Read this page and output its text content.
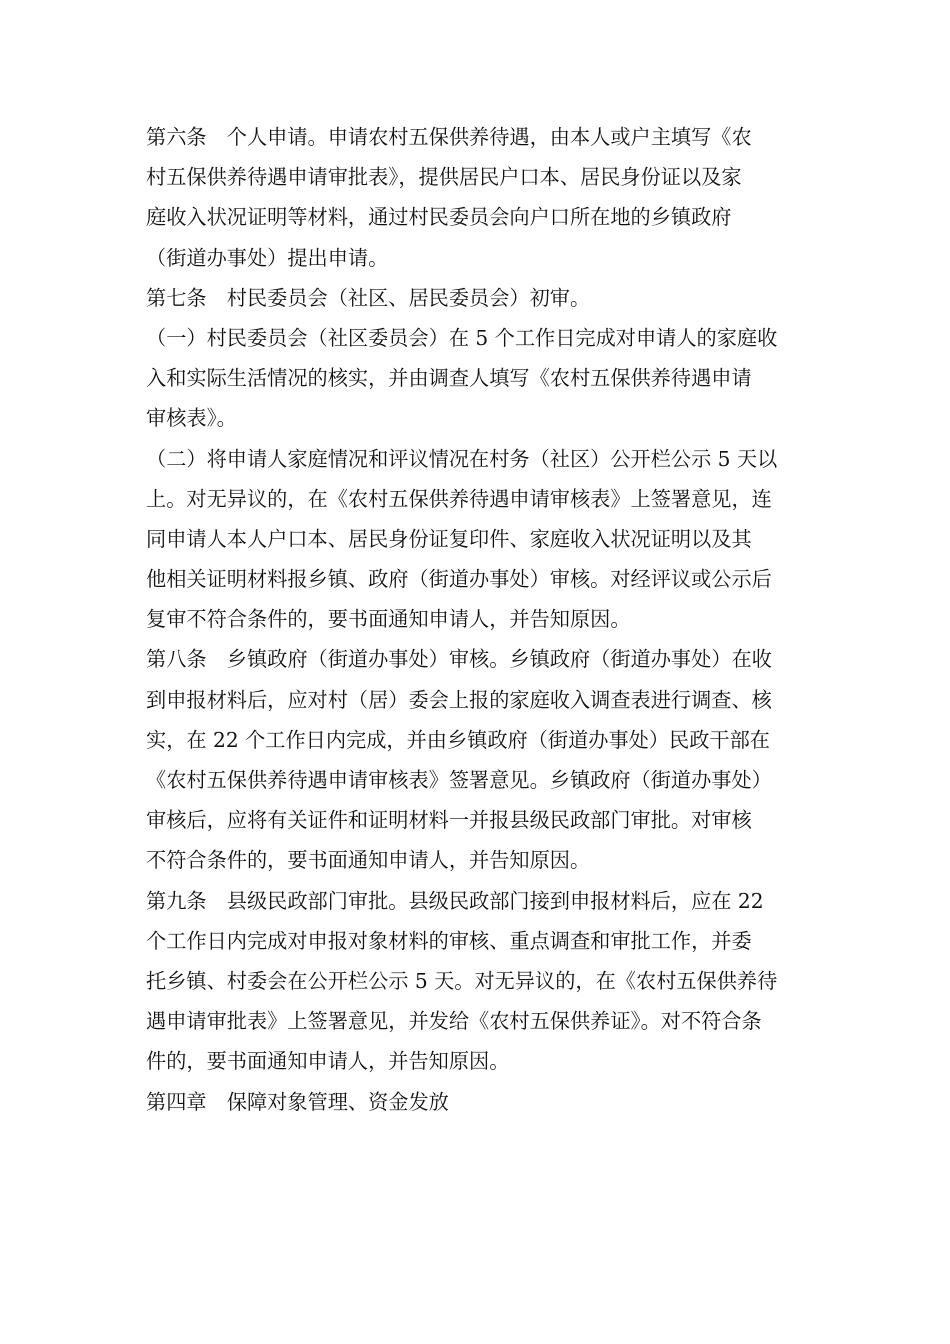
第六条　个人申请。申请农村五保供养待遇，由本人或户主填写《农
村五保供养待遇申请审批表》，提供居民户口本、居民身份证以及家
庭收入状况证明等材料，通过村民委员会向户口所在地的乡镇政府
（街道办事处）提出申请。
第七条　村民委员会（社区、居民委员会）初审。
（一）村民委员会（社区委员会）在 5 个工作日完成对申请人的家庭收
入和实际生活情况的核实，并由调查人填写《农村五保供养待遇申请
审核表》。
（二）将申请人家庭情况和评议情况在村务（社区）公开栏公示 5 天以
上。对无异议的，在《农村五保供养待遇申请审核表》上签署意见，连
同申请人本人户口本、居民身份证复印件、家庭收入状况证明以及其
他相关证明材料报乡镇、政府（街道办事处）审核。对经评议或公示后
复审不符合条件的，要书面通知申请人，并告知原因。
第八条　乡镇政府（街道办事处）审核。乡镇政府（街道办事处）在收
到申报材料后，应对村（居）委会上报的家庭收入调查表进行调查、核
实，在 22 个工作日内完成，并由乡镇政府（街道办事处）民政干部在
《农村五保供养待遇申请审核表》签署意见。乡镇政府（街道办事处）
审核后，应将有关证件和证明材料一并报县级民政部门审批。对审核
不符合条件的，要书面通知申请人，并告知原因。
第九条　县级民政部门审批。县级民政部门接到申报材料后，应在 22
个工作日内完成对申报对象材料的审核、重点调查和审批工作，并委
托乡镇、村委会在公开栏公示 5 天。对无异议的，在《农村五保供养待
遇申请审批表》上签署意见，并发给《农村五保供养证》。对不符合条
件的，要书面通知申请人，并告知原因。
第四章　保障对象管理、资金发放
